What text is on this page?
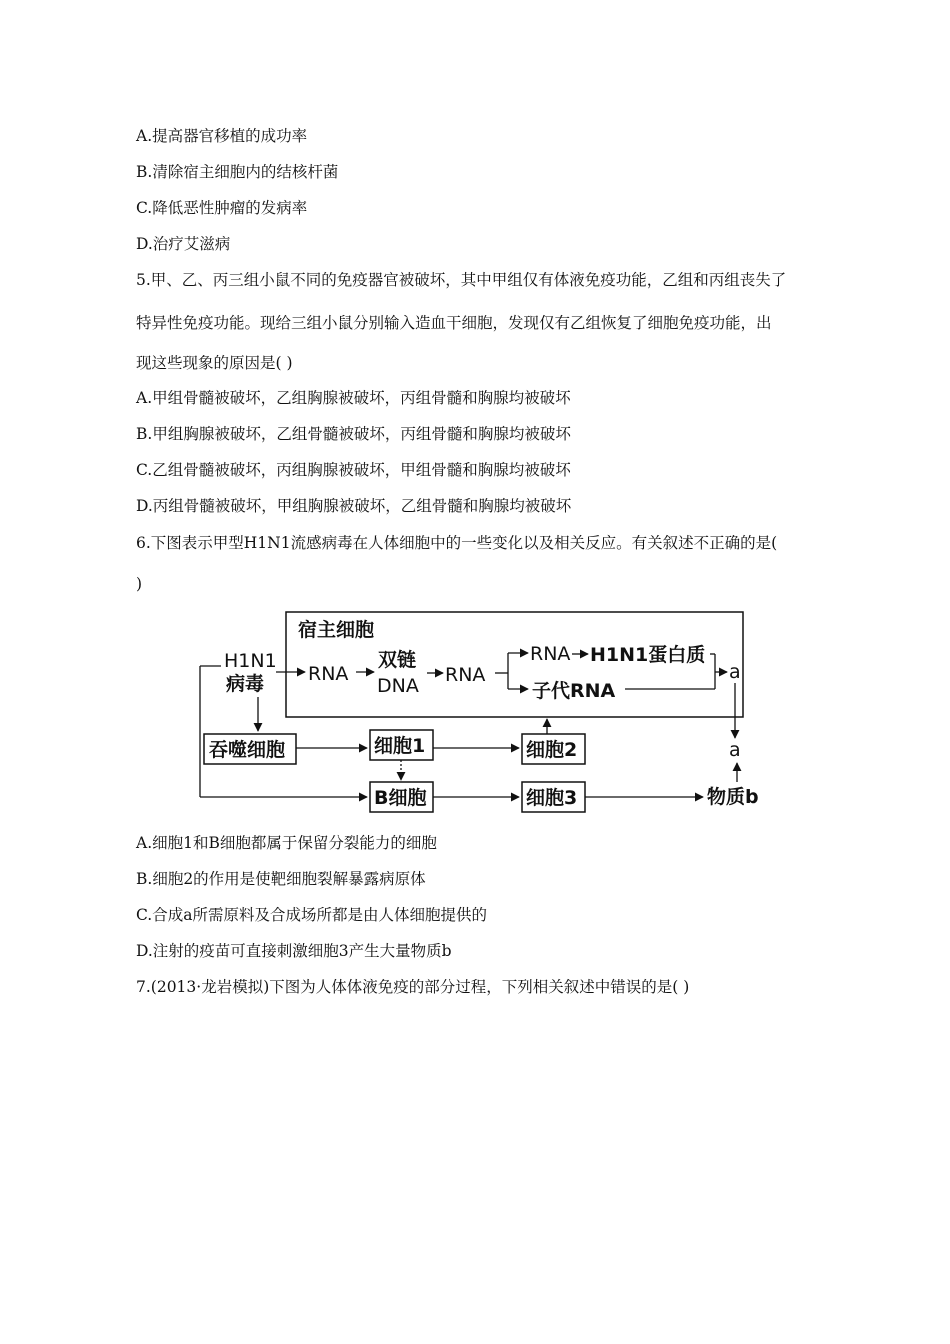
A.提高器官移植的成功率
B.清除宿主细胞内的结核杆菌
C.降低恶性肿瘤的发病率
D.治疗艾滋病
5.甲、乙、丙三组小鼠不同的免疫器官被破坏，其中甲组仅有体液免疫功能，乙组和丙组丧失了
特异性免疫功能。现给三组小鼠分别输入造血干细胞，发现仅有乙组恢复了细胞免疫功能，出
现这些现象的原因是( )
A.甲组骨髓被破坏，乙组胸腺被破坏，丙组骨髓和胸腺均被破坏
B.甲组胸腺被破坏，乙组骨髓被破坏，丙组骨髓和胸腺均被破坏
C.乙组骨髓被破坏，丙组胸腺被破坏，甲组骨髓和胸腺均被破坏
D.丙组骨髓被破坏，甲组胸腺被破坏，乙组骨髓和胸腺均被破坏
6.下图表示甲型H1N1流感病毒在人体细胞中的一些变化以及相关反应。有关叙述不正确的是(
)
宿主细胞
H1N1
病毒 RNA
双链
DNA RNA
RNA H1N1蛋白质
子代RNA
a
a
吞噬细胞	细胞1	细胞2
B细胞	细胞3	物质b
A.细胞1和B细胞都属于保留分裂能力的细胞
B.细胞2的作用是使靶细胞裂解暴露病原体
C.合成a所需原料及合成场所都是由人体细胞提供的
D.注射的疫苗可直接刺激细胞3产生大量物质b
7.(2013·龙岩模拟)下图为人体体液免疫的部分过程，下列相关叙述中错误的是( )
